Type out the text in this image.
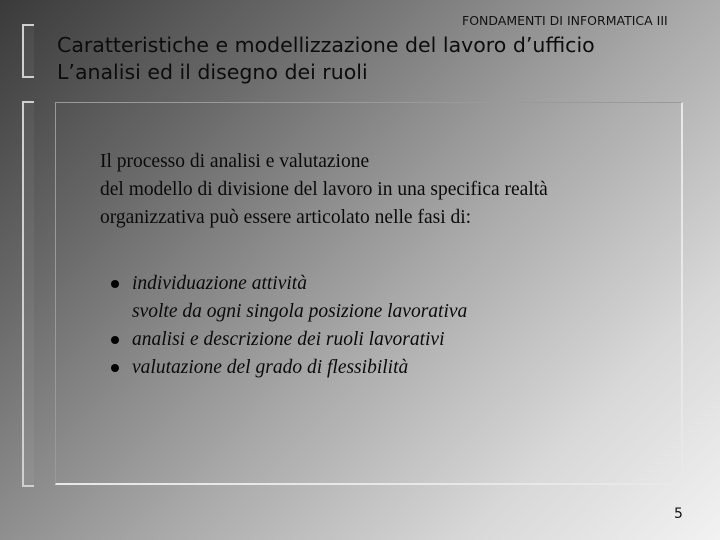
FONDAMENTI DI INFORMATICA III
Caratteristiche e modellizzazione del lavoro d’ufficio
L’analisi ed il disegno dei ruoli
Il processo di analisi e valutazione
del modello di divisione del lavoro in una specifica realtà
organizzativa può essere articolato nelle fasi di:
individuazione attività
svolte da ogni singola posizione lavorativa
analisi e descrizione dei ruoli lavorativi
valutazione del grado di flessibilità
5
